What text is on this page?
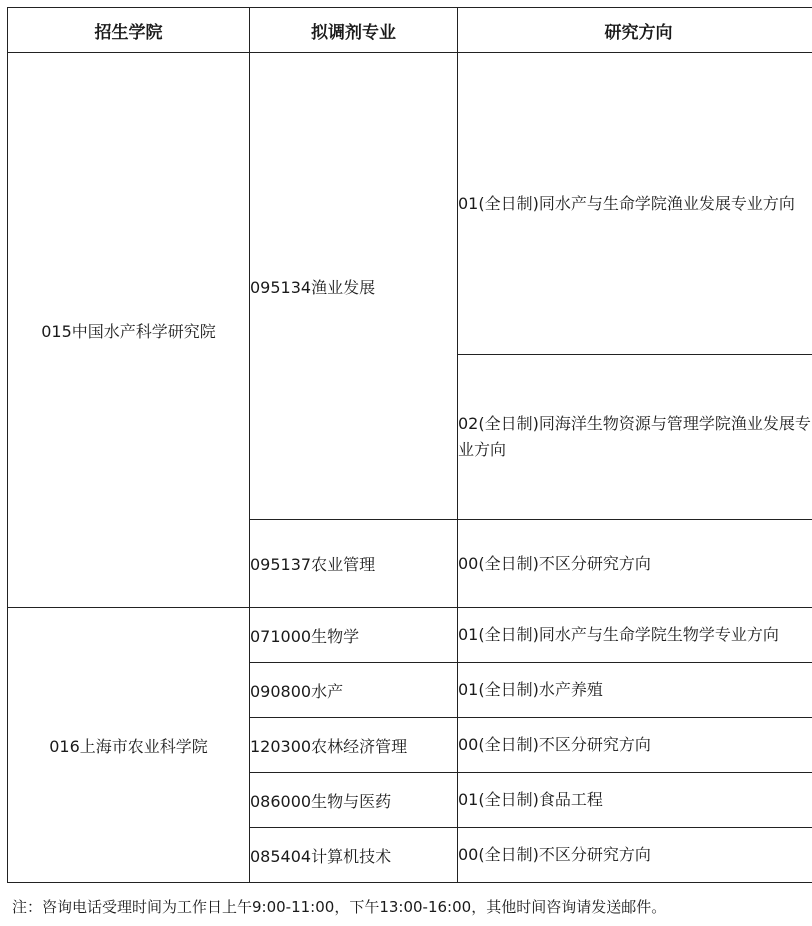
招生学院	拟调剂专业	研究方向
015中国水产科学研究院	095134渔业发展	01(全日制)同水产与生命学院渔业发展专业方向
		02(全日制)同海洋生物资源与管理学院渔业发展专业方向
	095137农业管理	00(全日制)不区分研究方向
016上海市农业科学院	071000生物学	01(全日制)同水产与生命学院生物学专业方向
	090800水产	01(全日制)水产养殖
	120300农林经济管理	00(全日制)不区分研究方向
	086000生物与医药	01(全日制)食品工程
	085404计算机技术	00(全日制)不区分研究方向
注：咨询电话受理时间为工作日上午9:00-11:00，下午13:00-16:00，其他时间咨询请发送邮件。
